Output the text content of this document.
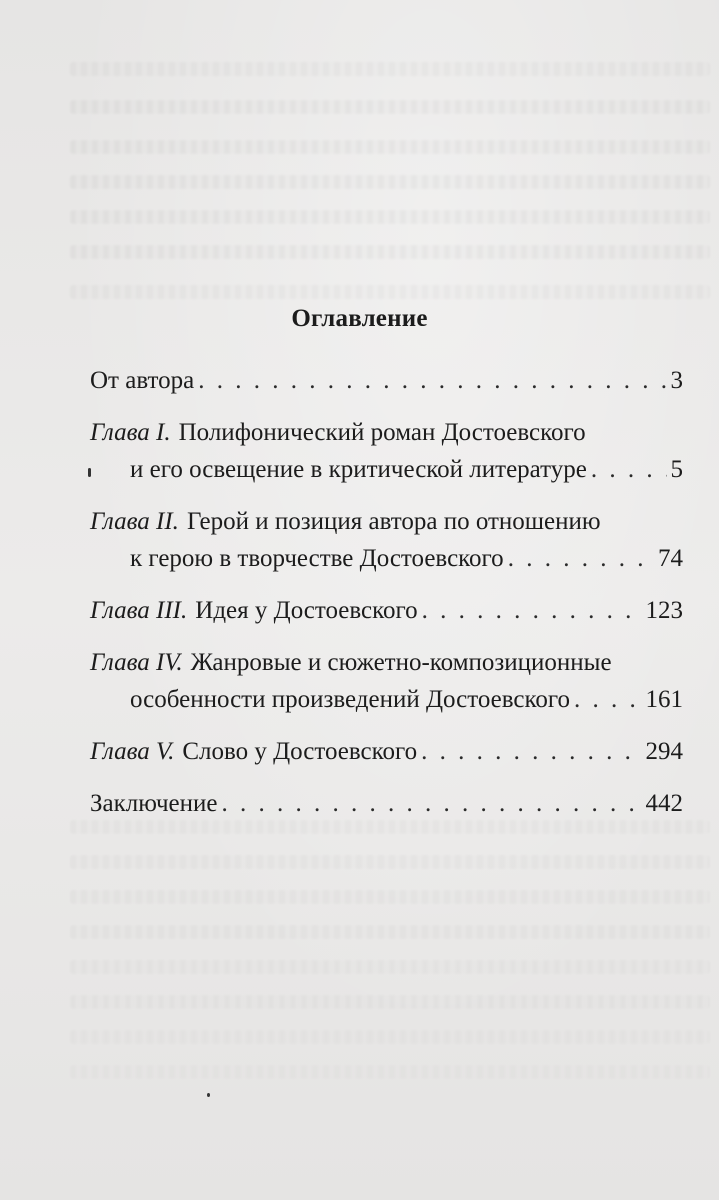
Оглавление
От автора . . .	3
Глава I. Полифонический роман Достоевского
и его освещение в критической литературе . . .	5
Глава II. Герой и позиция автора по отношению
к герою в творчестве Достоевского . . .	74
Глава III. Идея у Достоевского . . .	123
Глава IV. Жанровые и сюжетно-композиционные
особенности произведений Достоевского . . .	161
Глава V. Слово у Достоевского . . .	294
Заключение . . .	442
